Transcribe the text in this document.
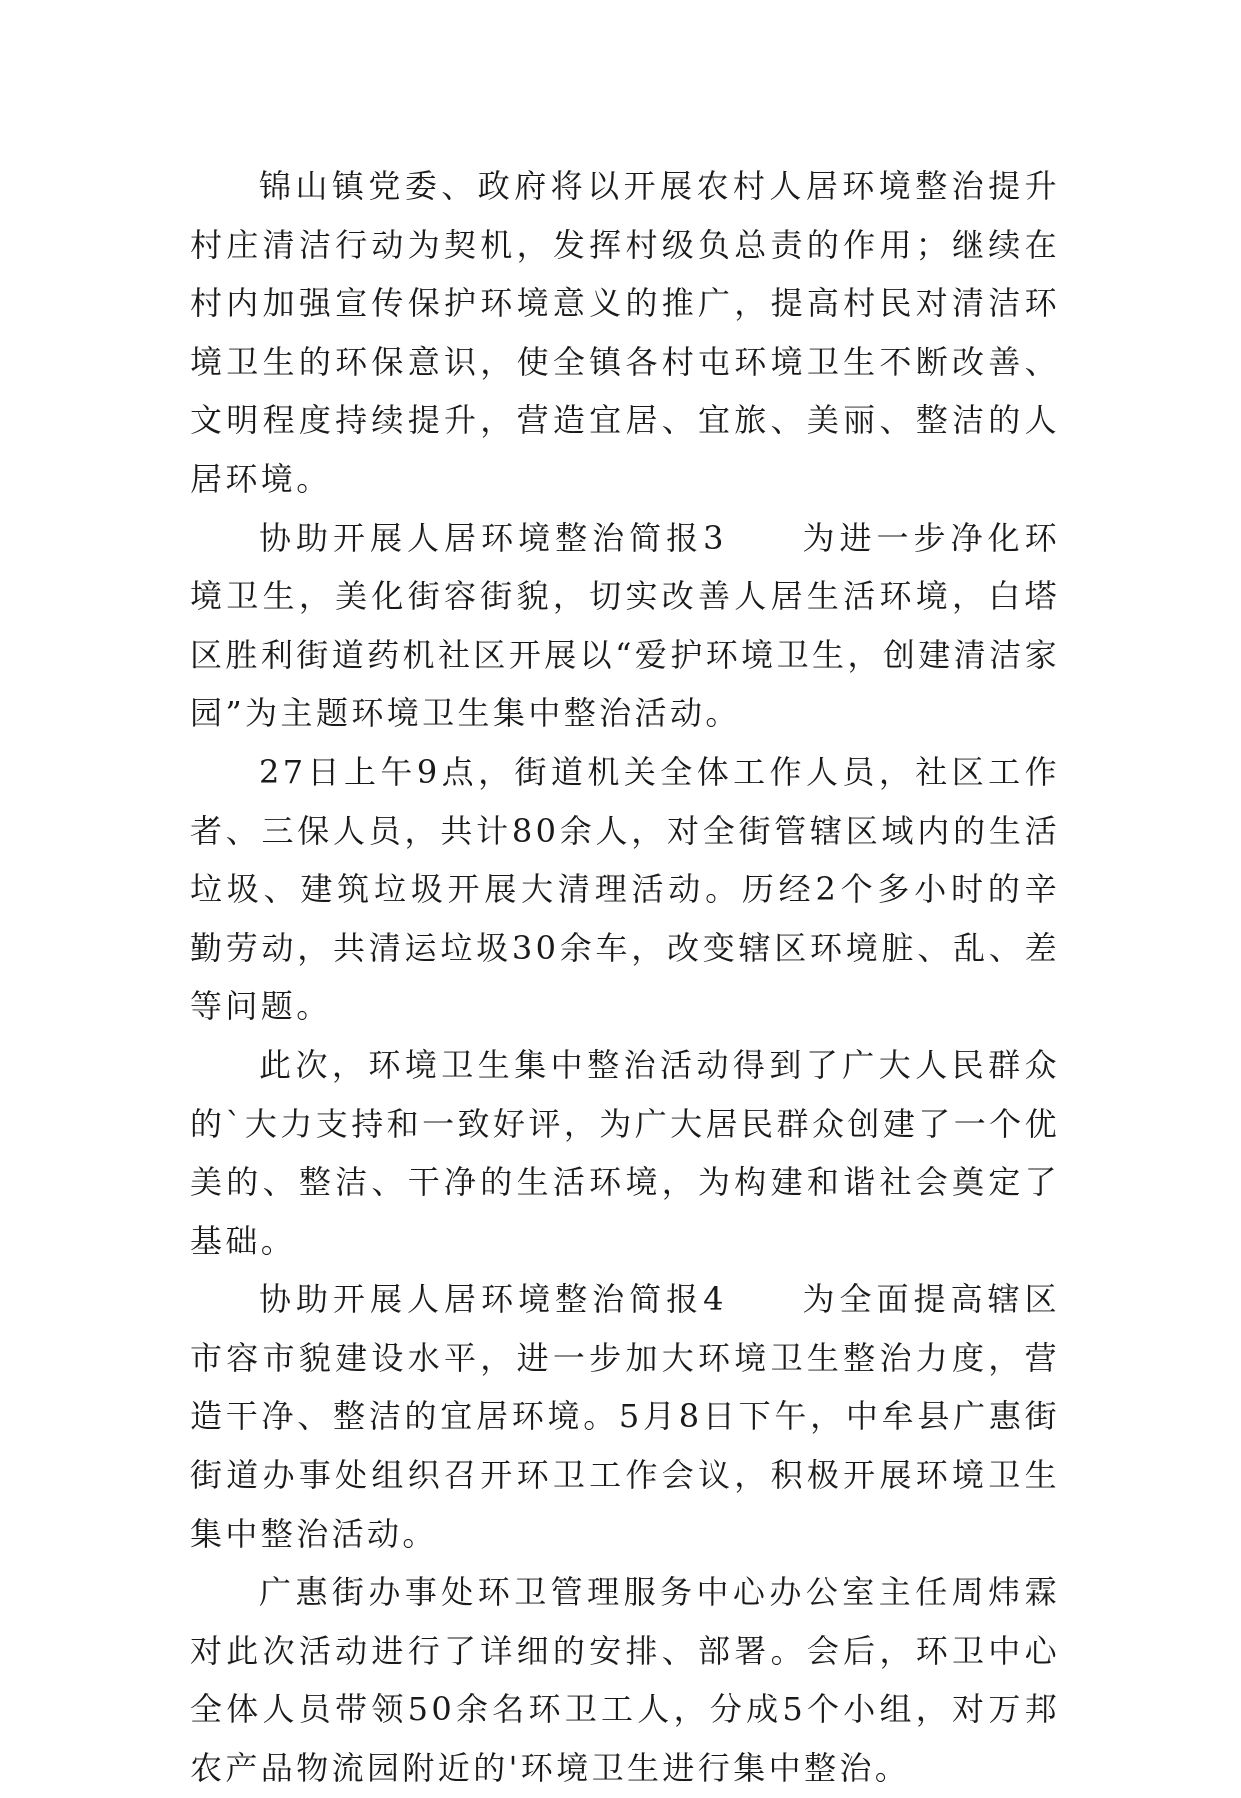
锦山镇党委、政府将以开展农村人居环境整治提升村庄清洁行动为契机，发挥村级负总责的作用；继续在村内加强宣传保护环境意义的推广，提高村民对清洁环境卫生的环保意识，使全镇各村屯环境卫生不断改善、文明程度持续提升，营造宜居、宜旅、美丽、整洁的人居环境。

协助开展人居环境整治简报3　　为进一步净化环境卫生，美化街容街貌，切实改善人居生活环境，白塔区胜利街道药机社区开展以“爱护环境卫生，创建清洁家园”为主题环境卫生集中整治活动。

27日上午9点，街道机关全体工作人员，社区工作者、三保人员，共计80余人，对全街管辖区域内的生活垃圾、建筑垃圾开展大清理活动。历经2个多小时的辛勤劳动，共清运垃圾30余车，改变辖区环境脏、乱、差等问题。

此次，环境卫生集中整治活动得到了广大人民群众的`大力支持和一致好评，为广大居民群众创建了一个优美的、整洁、干净的生活环境，为构建和谐社会奠定了基础。

协助开展人居环境整治简报4　　为全面提高辖区市容市貌建设水平，进一步加大环境卫生整治力度，营造干净、整洁的宜居环境。5月8日下午，中牟县广惠街街道办事处组织召开环卫工作会议，积极开展环境卫生集中整治活动。

广惠街办事处环卫管理服务中心办公室主任周炜霖对此次活动进行了详细的安排、部署。会后，环卫中心全体人员带领50余名环卫工人，分成5个小组，对万邦农产品物流园附近的'环境卫生进行集中整治。
